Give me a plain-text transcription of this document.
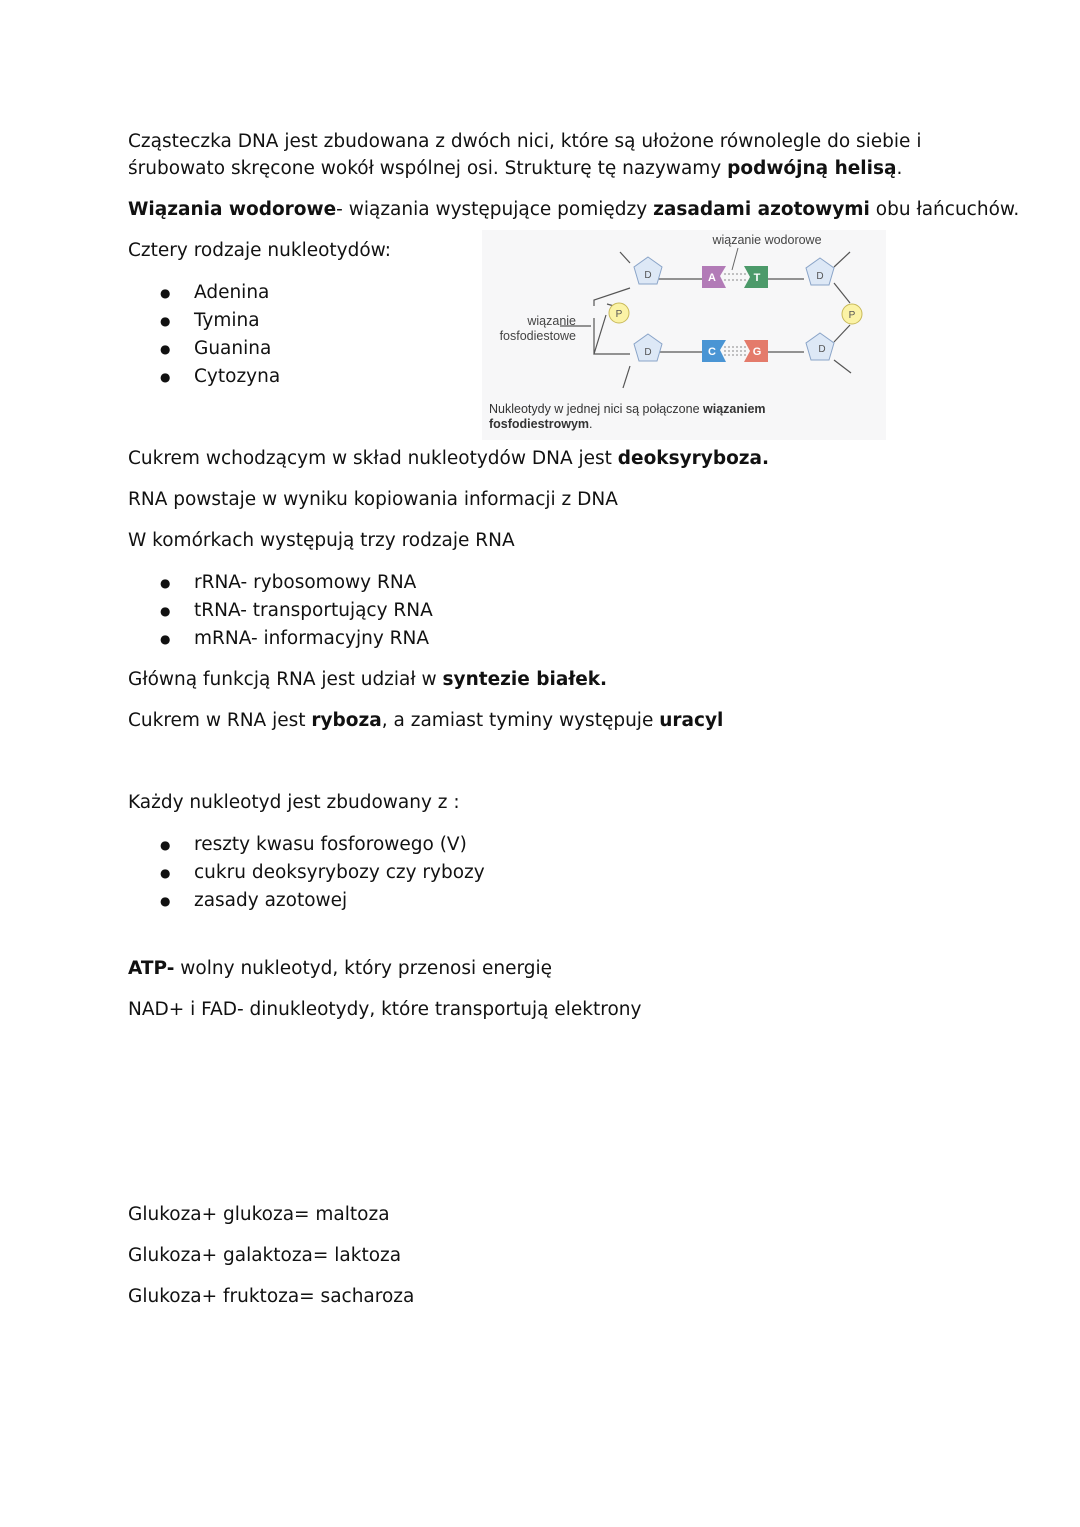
Cząsteczka DNA jest zbudowana z dwóch nici, które są ułożone równolegle do siebie i
śrubowato skręcone wokół wspólnej osi. Strukturę tę nazywamy podwójną helisą.
Wiązania wodorowe- wiązania występujące pomiędzy zasadami azotowymi obu łańcuchów.
Cztery rodzaje nukleotydów:
● Adenina
● Tymina
● Guanina
● Cytozyna
D	D
D	D
P	P
A	T
C	G
wiązanie wodorowe
wiązanie
fosfodiestowe
Nukleotydy w jednej nici są połączone wiązaniem
fosfodiestrowym.
Cukrem wchodzącym w skład nukleotydów DNA jest deoksyryboza.
RNA powstaje w wyniku kopiowania informacji z DNA
W komórkach występują trzy rodzaje RNA
● rRNA- rybosomowy RNA
● tRNA- transportujący RNA
● mRNA- informacyjny RNA
Główną funkcją RNA jest udział w syntezie białek.
Cukrem w RNA jest ryboza, a zamiast tyminy występuje uracyl
Każdy nukleotyd jest zbudowany z :
● reszty kwasu fosforowego (V)
● cukru deoksyrybozy czy rybozy
● zasady azotowej
ATP- wolny nukleotyd, który przenosi energię
NAD+ i FAD- dinukleotydy, które transportują elektrony
Glukoza+ glukoza= maltoza
Glukoza+ galaktoza= laktoza
Glukoza+ fruktoza= sacharoza
